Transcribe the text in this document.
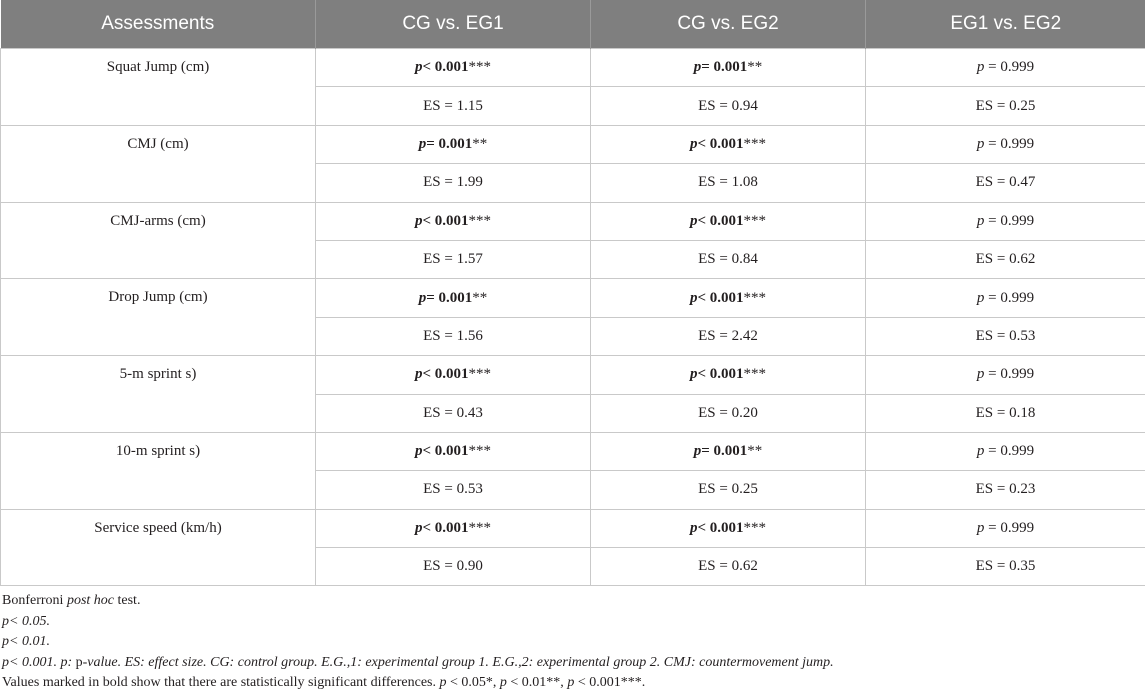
Assessments	CG vs. EG1	CG vs. EG2	EG1 vs. EG2
Squat Jump (cm)	p< 0.001***	p= 0.001**	p = 0.999
	ES = 1.15	ES = 0.94	ES = 0.25
CMJ (cm)	p= 0.001**	p< 0.001***	p = 0.999
	ES = 1.99	ES = 1.08	ES = 0.47
CMJ-arms (cm)	p< 0.001***	p< 0.001***	p = 0.999
	ES = 1.57	ES = 0.84	ES = 0.62
Drop Jump (cm)	p= 0.001**	p< 0.001***	p = 0.999
	ES = 1.56	ES = 2.42	ES = 0.53
5-m sprint s)	p< 0.001***	p< 0.001***	p = 0.999
	ES = 0.43	ES = 0.20	ES = 0.18
10-m sprint s)	p< 0.001***	p= 0.001**	p = 0.999
	ES = 0.53	ES = 0.25	ES = 0.23
Service speed (km/h)	p< 0.001***	p< 0.001***	p = 0.999
	ES = 0.90	ES = 0.62	ES = 0.35
Bonferroni post hoc test.
p< 0.05.
p< 0.01.
p< 0.001. p: p-value. ES: effect size. CG: control group. E.G.,1: experimental group 1. E.G.,2: experimental group 2. CMJ: countermovement jump.
Values marked in bold show that there are statistically significant differences. p < 0.05*, p < 0.01**, p < 0.001***.
